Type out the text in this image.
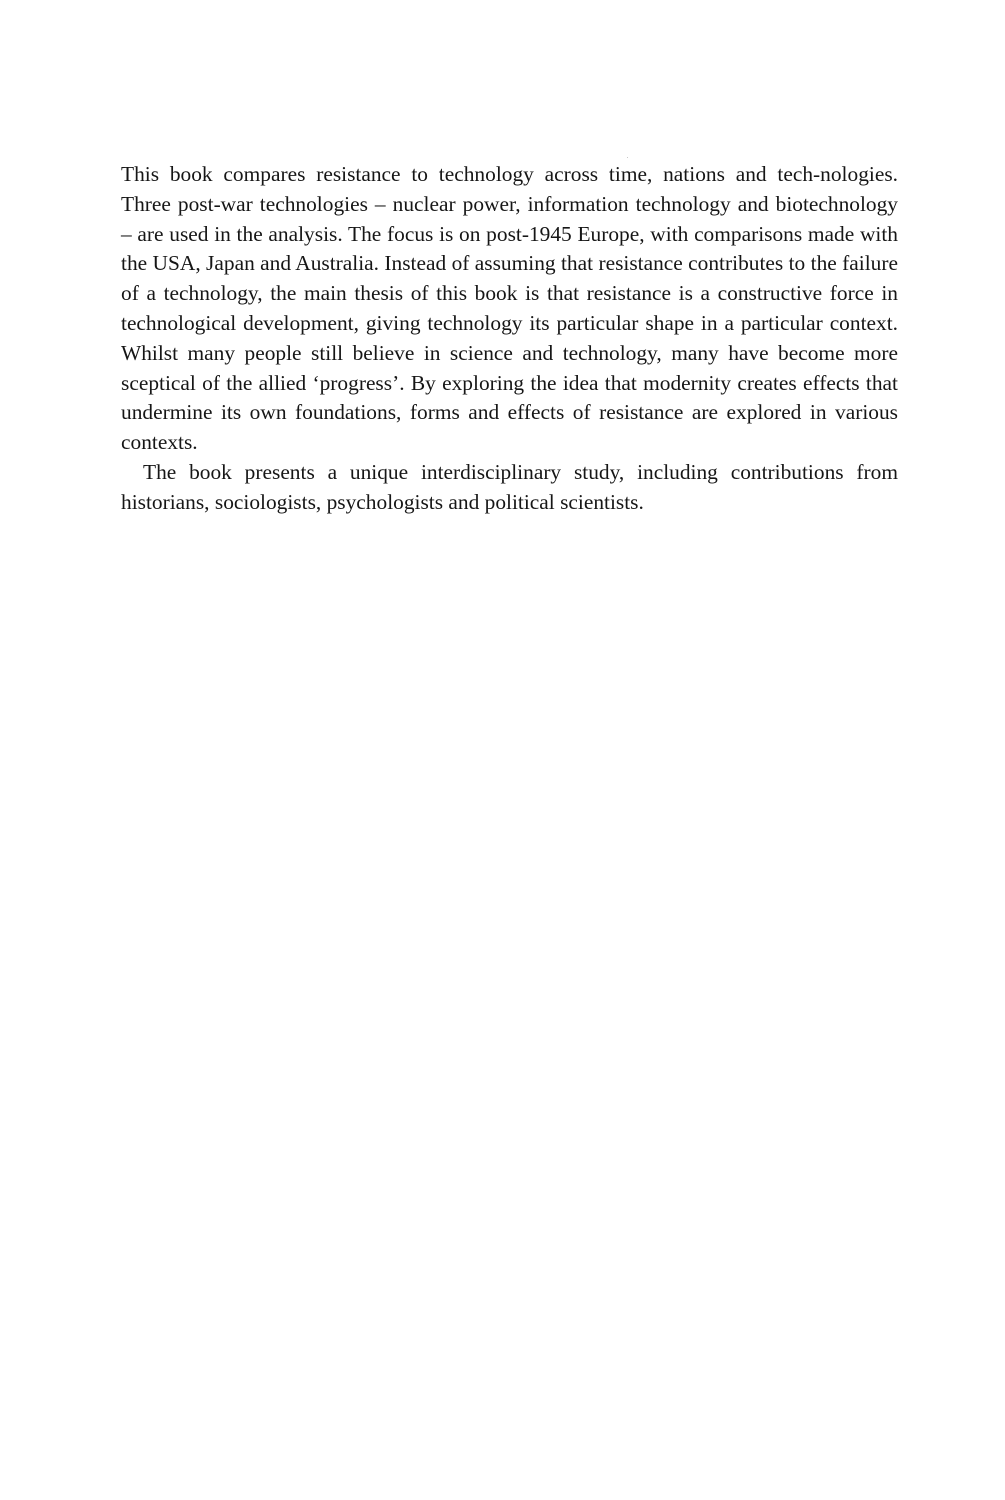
This book compares resistance to technology across time, nations and tech-nologies. Three post-war technologies – nuclear power, information technology and biotechnology – are used in the analysis. The focus is on post-1945 Europe, with comparisons made with the USA, Japan and Australia. Instead of assuming that resistance contributes to the failure of a technology, the main thesis of this book is that resistance is a constructive force in technological development, giving technology its particular shape in a particular context. Whilst many people still believe in science and technology, many have become more sceptical of the allied ‘progress’. By exploring the idea that modernity creates effects that undermine its own foundations, forms and effects of resistance are explored in various contexts.

The book presents a unique interdisciplinary study, including contributions from historians, sociologists, psychologists and political scientists.
